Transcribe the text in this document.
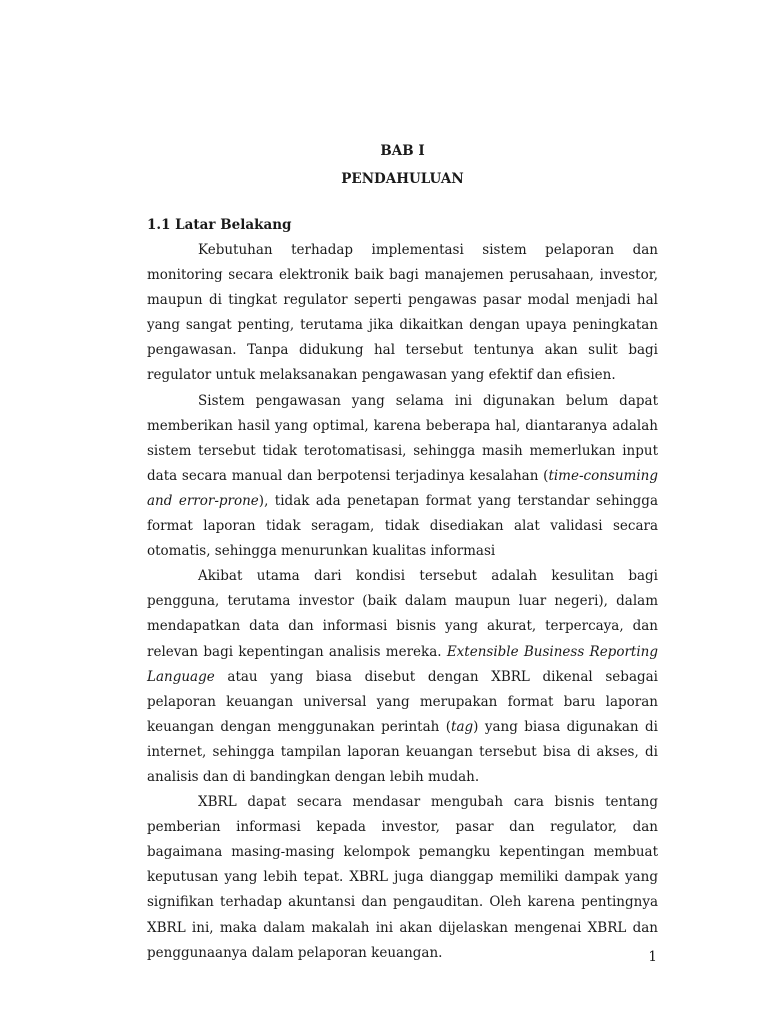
BAB I

PENDAHULUAN

1.1 Latar Belakang

Kebutuhan terhadap implementasi sistem pelaporan dan monitoring secara elektronik baik bagi manajemen perusahaan, investor, maupun di tingkat regulator seperti pengawas pasar modal menjadi hal yang sangat penting, terutama jika dikaitkan dengan upaya peningkatan pengawasan. Tanpa didukung hal tersebut tentunya akan sulit bagi regulator untuk melaksanakan pengawasan yang efektif dan efisien.

Sistem pengawasan yang selama ini digunakan belum dapat memberikan hasil yang optimal, karena beberapa hal, diantaranya adalah sistem tersebut tidak terotomatisasi, sehingga masih memerlukan input data secara manual dan berpotensi terjadinya kesalahan (time-consuming and error-prone), tidak ada penetapan format yang terstandar sehingga format laporan tidak seragam, tidak disediakan alat validasi secara otomatis, sehingga menurunkan kualitas informasi

Akibat utama dari kondisi tersebut adalah kesulitan bagi pengguna, terutama investor (baik dalam maupun luar negeri), dalam mendapatkan data dan informasi bisnis yang akurat, terpercaya, dan relevan bagi kepentingan analisis mereka. Extensible Business Reporting Language atau yang biasa disebut dengan XBRL dikenal sebagai pelaporan keuangan universal yang merupakan format baru laporan keuangan dengan menggunakan perintah (tag) yang biasa digunakan di internet, sehingga tampilan laporan keuangan tersebut bisa di akses, di analisis dan di bandingkan dengan lebih mudah.

XBRL dapat secara mendasar mengubah cara bisnis tentang pemberian informasi kepada investor, pasar dan regulator, dan bagaimana masing-masing kelompok pemangku kepentingan membuat keputusan yang lebih tepat. XBRL juga dianggap memiliki dampak yang signifikan terhadap akuntansi dan pengauditan. Oleh karena pentingnya XBRL ini, maka dalam makalah ini akan dijelaskan mengenai XBRL dan penggunaanya dalam pelaporan keuangan.	1
